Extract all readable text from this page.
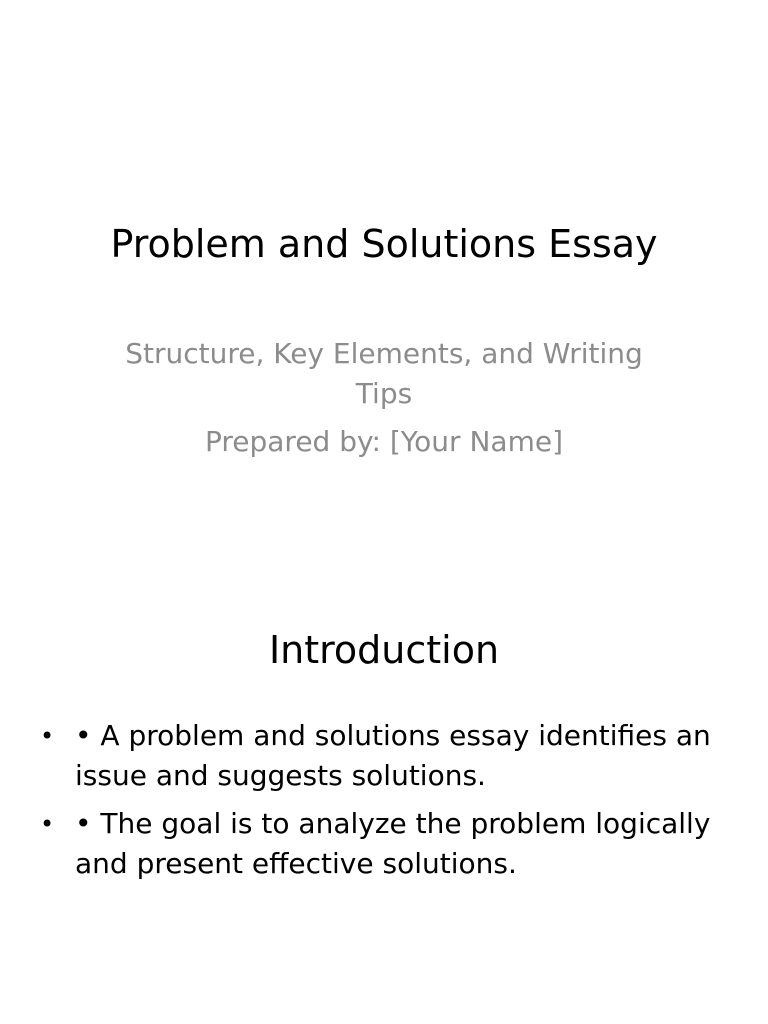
Problem and Solutions Essay
Structure, Key Elements, and Writing Tips
Prepared by: [Your Name]
Introduction
• • A problem and solutions essay identifies an issue and suggests solutions.
• • The goal is to analyze the problem logically and present effective solutions.
